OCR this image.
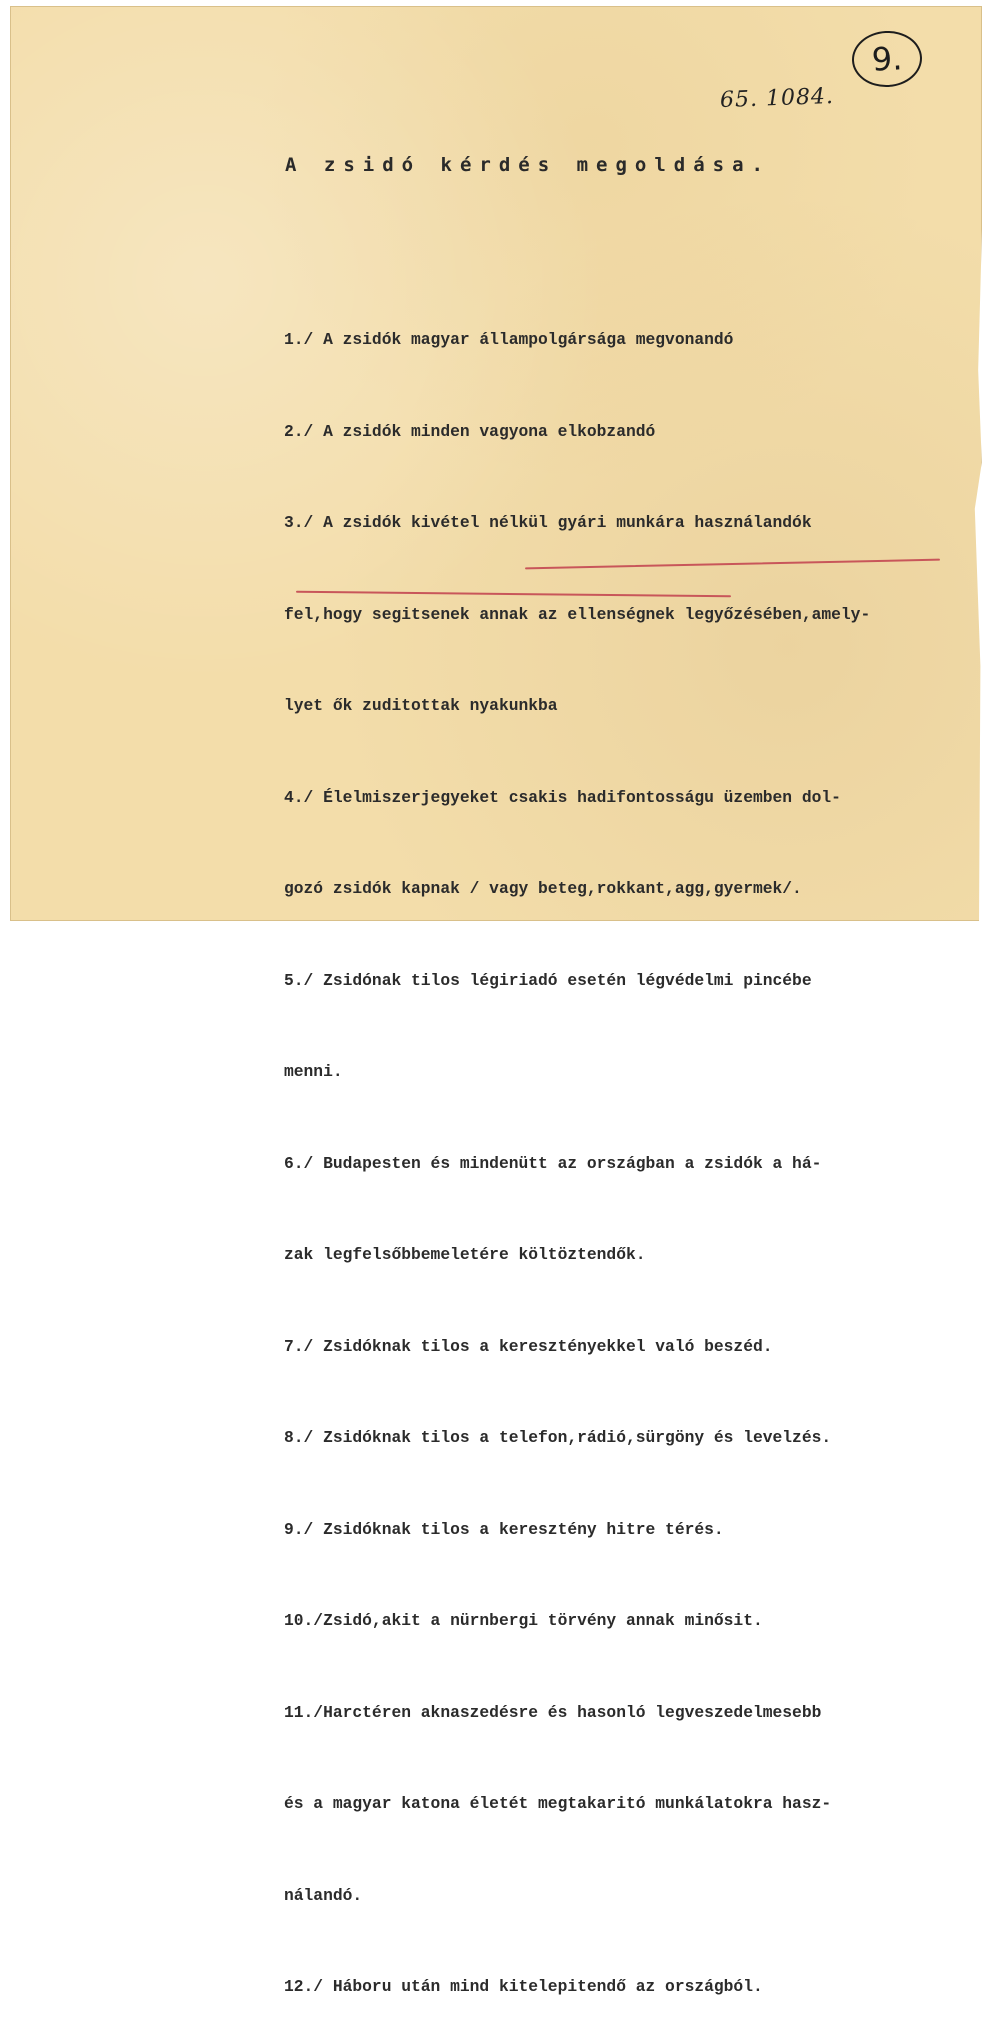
9.
65. 1084.
A zsidó kérdés megoldása.

1./ A zsidók magyar állampolgársága megvonandó

2./ A zsidók minden vagyona elkobzandó

3./ A zsidók kivétel nélkül gyári munkára használandók

fel,hogy segitsenek annak az ellenségnek legyőzésében,amely-

lyet ők zuditottak nyakunkba

4./ Élelmiszerjegyeket csakis hadifontosságu üzemben dol-

gozó zsidók kapnak / vagy beteg,rokkant,agg,gyermek/.

5./ Zsidónak tilos légiriadó esetén légvédelmi pincébe

menni.

6./ Budapesten és mindenütt az országban a zsidók a há-

zak legfelsőbbemeletére költöztendők.

7./ Zsidóknak tilos a keresztényekkel való beszéd.

8./ Zsidóknak tilos a telefon,rádió,sürgöny és levelzés.

9./ Zsidóknak tilos a keresztény hitre térés.

10./Zsidó,akit a nürnbergi törvény annak minősit.

11./Harctéren aknaszedésre és hasonló legveszedelmesebb

és a magyar katona életét megtakaritó munkálatokra hasz-

nálandó.

12./ Háboru után mind kitelepitendő az országból.
